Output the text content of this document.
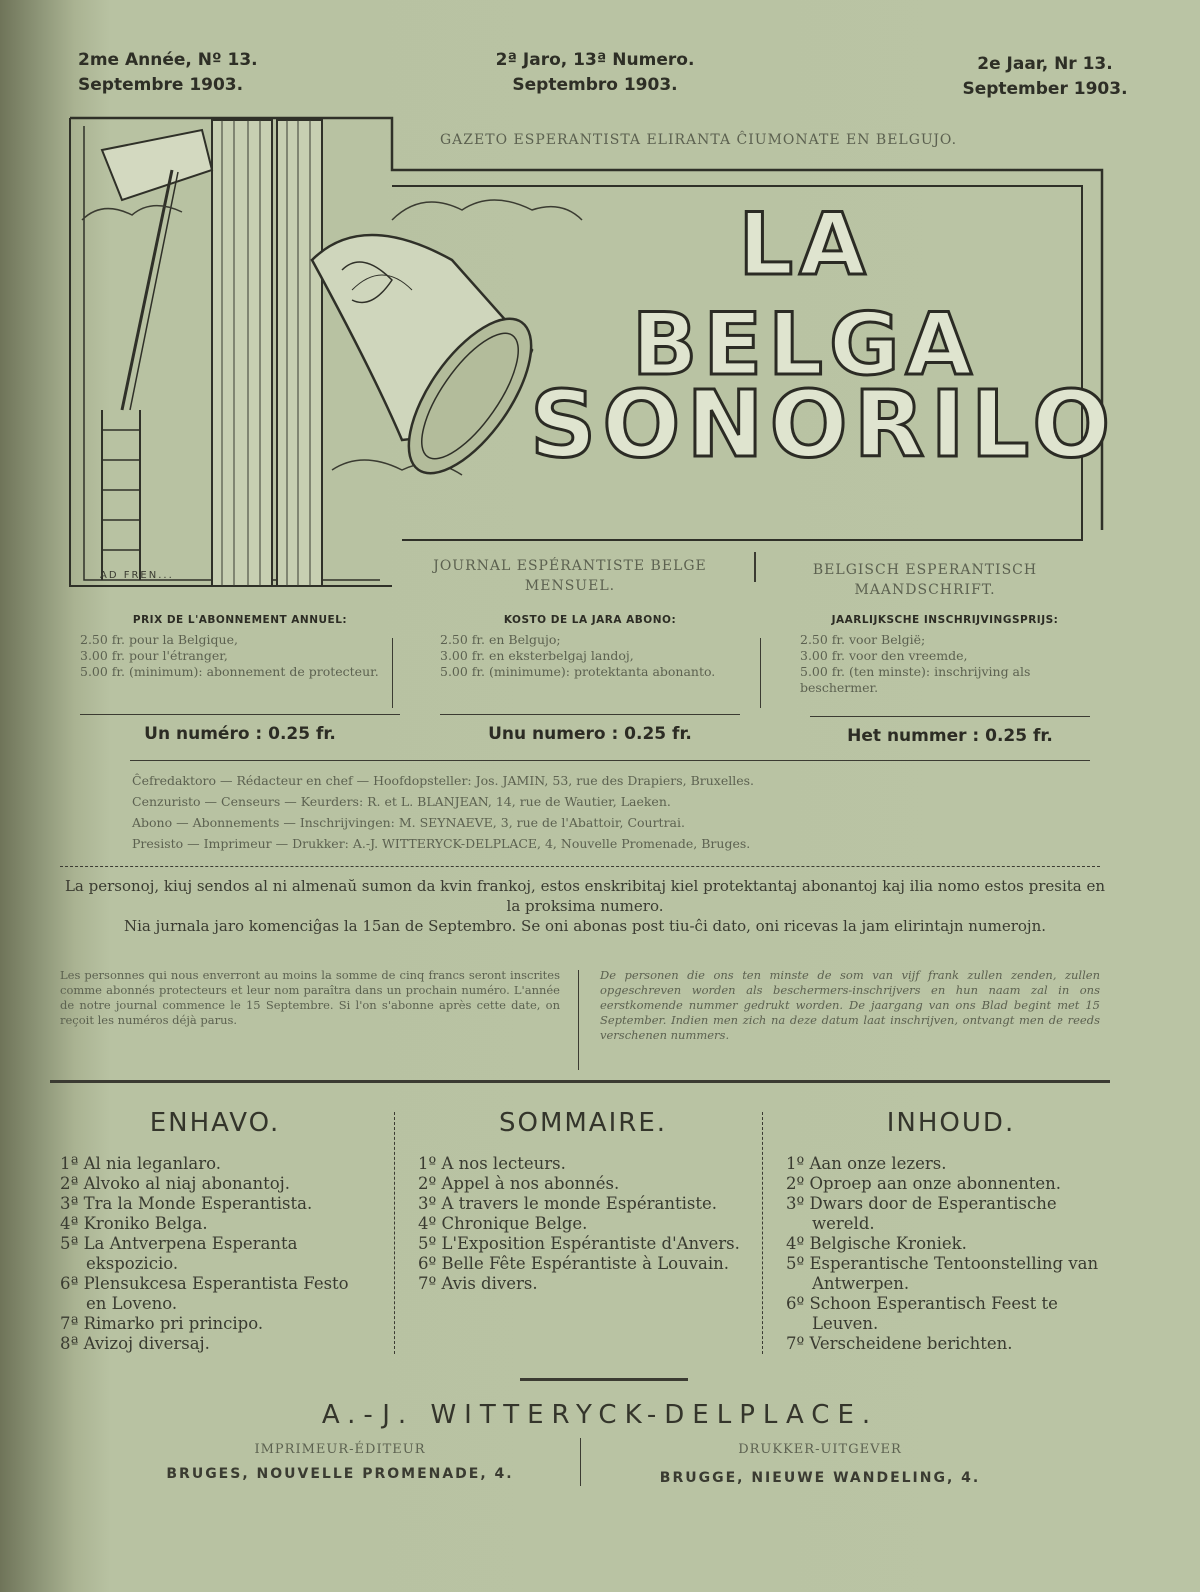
2me Année, Nº 13.
Septembre 1903.
2ª Jaro, 13ª Numero.
Septembro 1903.
2e Jaar, Nr 13.
September 1903.
GAZETO ESPERANTISTA ELIRANTA ĈIUMONATE EN BELGUJO.
LA BELGA
SONORILO
AD FREN...
JOURNAL ESPÉRANTISTE BELGE
MENSUEL.
BELGISCH ESPERANTISCH
MAANDSCHRIFT.
PRIX DE L'ABONNEMENT ANNUEL:
2.50 fr. pour la Belgique,
3.00 fr. pour l'étranger,
5.00 fr. (minimum): abonnement de protecteur.
KOSTO DE LA JARA ABONO:
2.50 fr. en Belgujo;
3.00 fr. en eksterbelgaj landoj,
5.00 fr. (minimume): protektanta abonanto.
JAARLIJKSCHE INSCHRIJVINGSPRIJS:
2.50 fr. voor België;
3.00 fr. voor den vreemde,
5.00 fr. (ten minste): inschrijving als beschermer.
Un numéro : 0.25 fr.	Unu numero : 0.25 fr.	Het nummer : 0.25 fr.
Ĉefredaktoro — Rédacteur en chef — Hoofdopsteller: Jos. JAMIN, 53, rue des Drapiers, Bruxelles.
Cenzuristo — Censeurs — Keurders: R. et L. BLANJEAN, 14, rue de Wautier, Laeken.
Abono — Abonnements — Inschrijvingen: M. SEYNAEVE, 3, rue de l'Abattoir, Courtrai.
Presisto — Imprimeur — Drukker: A.-J. WITTERYCK-DELPLACE, 4, Nouvelle Promenade, Bruges.
La personoj, kiuj sendos al ni almenaŭ sumon da kvin frankoj, estos enskribitaj kiel protektantaj abonantoj kaj ilia nomo estos presita en la proksima numero.
Nia jurnala jaro komenciĝas la 15an de Septembro. Se oni abonas post tiu-ĉi dato, oni ricevas la jam elirintajn numerojn.
Les personnes qui nous enverront au moins la somme de cinq francs seront inscrites comme abonnés protecteurs et leur nom paraîtra dans un prochain numéro. L'année de notre journal commence le 15 Septembre. Si l'on s'abonne après cette date, on reçoit les numéros déjà parus.
De personen die ons ten minste de som van vijf frank zullen zenden, zullen opgeschreven worden als beschermers-inschrijvers en hun naam zal in ons eerstkomende nummer gedrukt worden. De jaargang van ons Blad begint met 15 September. Indien men zich na deze datum laat inschrijven, ontvangt men de reeds verschenen nummers.
ENHAVO.
1ª Al nia leganlaro.
2ª Alvoko al niaj abonantoj.
3ª Tra la Monde Esperantista.
4ª Kroniko Belga.
5ª La Antverpena Esperanta ekspozicio.
6ª Plensukcesa Esperantista Festo en Loveno.
7ª Rimarko pri principo.
8ª Avizoj diversaj.
SOMMAIRE.
1º A nos lecteurs.
2º Appel à nos abonnés.
3º A travers le monde Espérantiste.
4º Chronique Belge.
5º L'Exposition Espérantiste d'Anvers.
6º Belle Fête Espérantiste à Louvain.
7º Avis divers.
INHOUD.
1º Aan onze lezers.
2º Oproep aan onze abonnenten.
3º Dwars door de Esperantische wereld.
4º Belgische Kroniek.
5º Esperantische Tentoonstelling van Antwerpen.
6º Schoon Esperantisch Feest te Leuven.
7º Verscheidene berichten.
A.-J. WITTERYCK-DELPLACE.
IMPRIMEUR-ÉDITEUR
BRUGES, NOUVELLE PROMENADE, 4.
DRUKKER-UITGEVER
BRUGGE, NIEUWE WANDELING, 4.
